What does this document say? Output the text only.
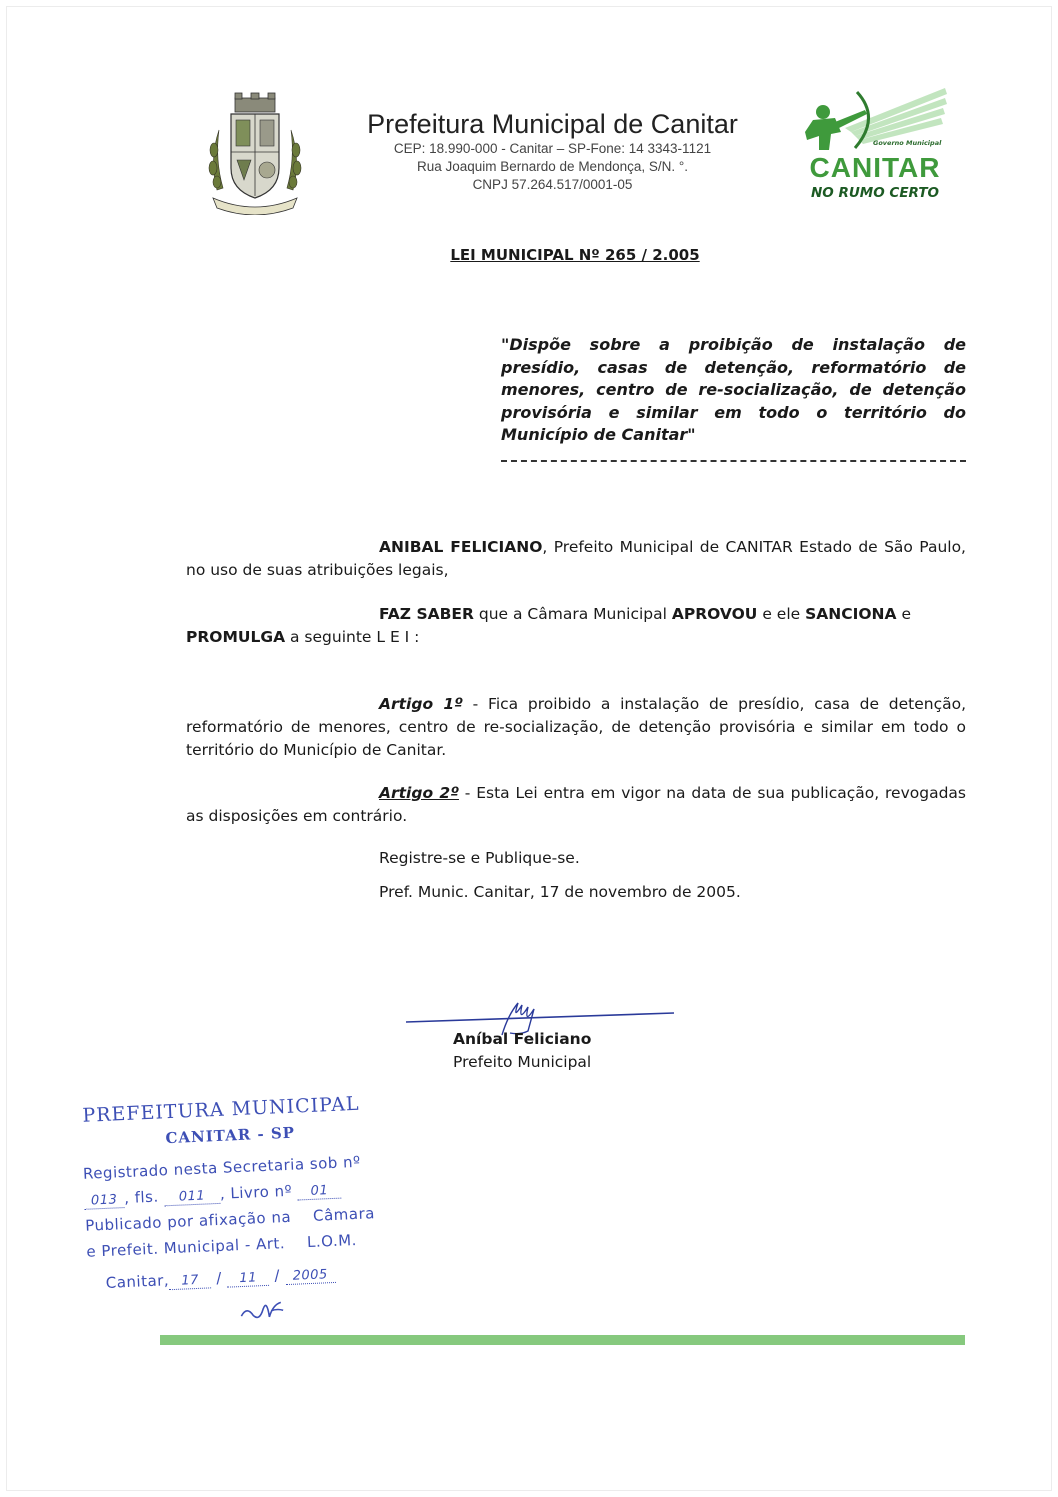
Prefeitura Municipal de Canitar
CEP: 18.990-000 - Canitar – SP-Fone: 14 3343-1121
Rua Joaquim Bernardo de Mendonça, S/N. °.
CNPJ 57.264.517/0001-05
Governo Municipal
CANITAR
NO RUMO CERTO
LEI MUNICIPAL Nº 265 / 2.005
"Dispõe sobre a proibição de instalação de presídio, casas de detenção, reformatório de menores, centro de re-socialização, de detenção provisória e similar em todo o território do Município de Canitar"
ANIBAL FELICIANO, Prefeito Municipal de CANITAR Estado de São Paulo, no uso de suas atribuições legais,
FAZ SABER que a Câmara Municipal APROVOU e ele SANCIONA e
PROMULGA a seguinte L E I :
Artigo 1º - Fica proibido a instalação de presídio, casa de detenção, reformatório de menores, centro de re-socialização, de detenção provisória e similar em todo o território do Município de Canitar.
Artigo 2º - Esta Lei entra em vigor na data de sua publicação, revogadas as disposições em contrário.
Registre-se e Publique-se.
Pref. Munic. Canitar, 17 de novembro de 2005.
Aníbal Feliciano
Prefeito Municipal
PREFEITURA MUNICIPAL
CANITAR - SP
Registrado nesta Secretaria sob nº
013 , fls. 011 , Livro nº 01
Publicado por afixação na Câmara
e Prefeit. Municipal - Art. L.O.M.
Canitar, 17 / 11 / 2005
